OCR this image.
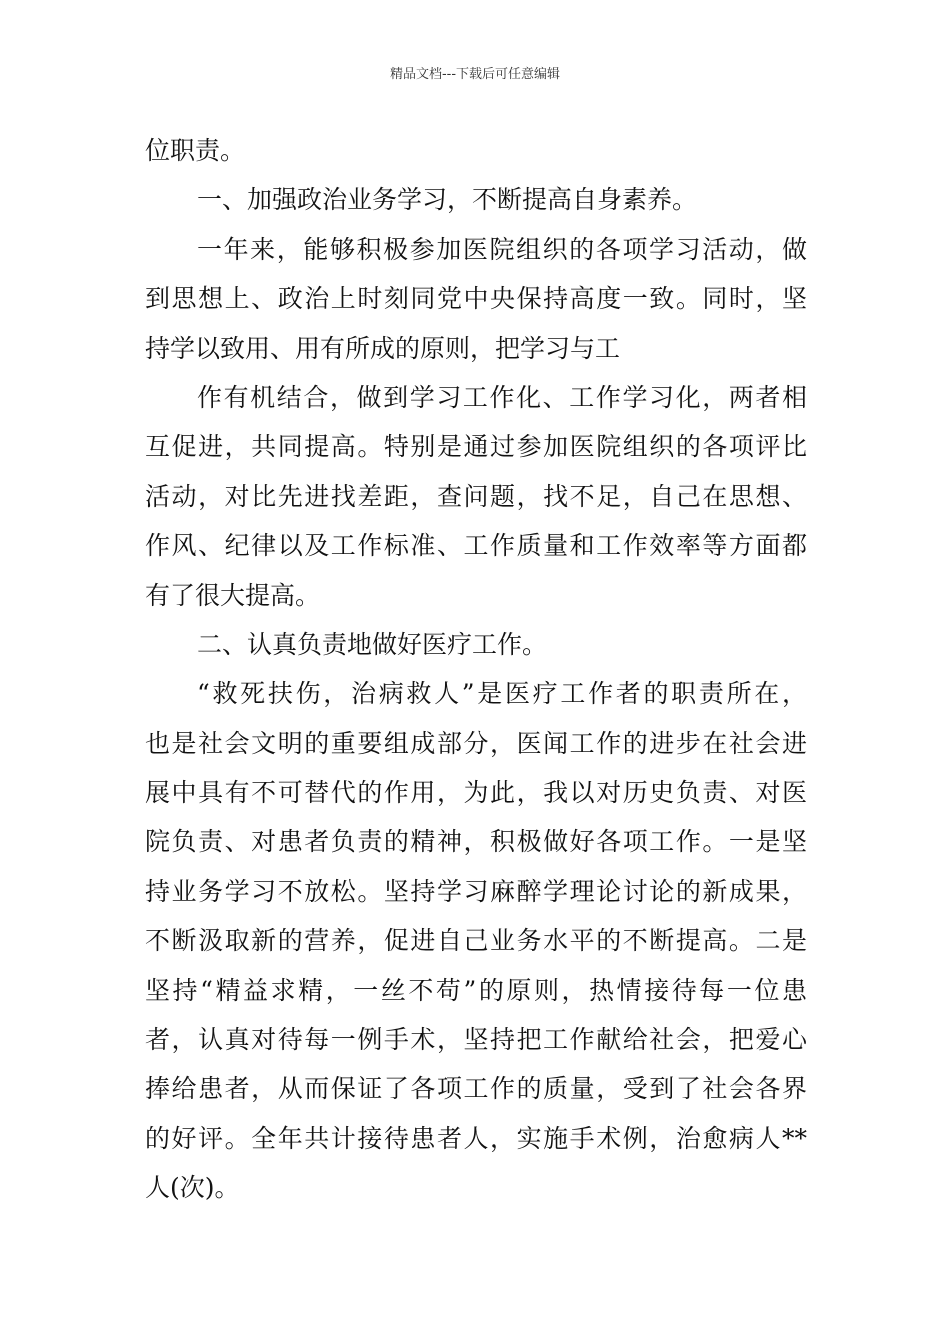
精品文档---下载后可任意编辑
位职责。
一、加强政治业务学习，不断提高自身素养。
一年来，能够积极参加医院组织的各项学习活动，做
到思想上、政治上时刻同党中央保持高度一致。同时，坚
持学以致用、用有所成的原则，把学习与工
作有机结合，做到学习工作化、工作学习化，两者相
互促进，共同提高。特别是通过参加医院组织的各项评比
活动，对比先进找差距，查问题，找不足，自己在思想、
作风、纪律以及工作标准、工作质量和工作效率等方面都
有了很大提高。
二、认真负责地做好医疗工作。
“救死扶伤，治病救人”是医疗工作者的职责所在，
也是社会文明的重要组成部分，医闻工作的进步在社会进
展中具有不可替代的作用，为此，我以对历史负责、对医
院负责、对患者负责的精神，积极做好各项工作。一是坚
持业务学习不放松。坚持学习麻醉学理论讨论的新成果，
不断汲取新的营养，促进自己业务水平的不断提高。二是
坚持“精益求精，一丝不苟”的原则，热情接待每一位患
者，认真对待每一例手术，坚持把工作献给社会，把爱心
捧给患者，从而保证了各项工作的质量，受到了社会各界
的好评。全年共计接待患者人，实施手术例，治愈病人**
人(次)。
